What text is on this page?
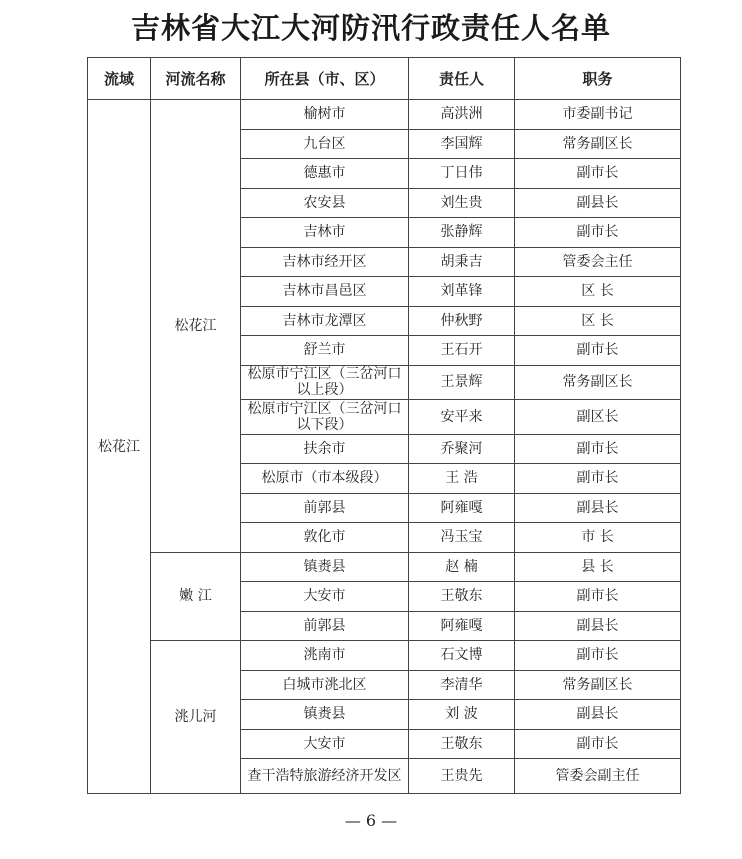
吉林省大江大河防汛行政责任人名单
流域	河流名称	所在县（市、区）	责任人	职务
松花江	松花江	榆树市	高洪洲	市委副书记
		九台区	李国辉	常务副区长
		德惠市	丁日伟	副市长
		农安县	刘生贵	副县长
		吉林市	张静辉	副市长
		吉林市经开区	胡秉吉	管委会主任
		吉林市昌邑区	刘革锋	区 长
		吉林市龙潭区	仲秋野	区 长
		舒兰市	王石开	副市长
		松原市宁江区（三岔河口以上段）	王景辉	常务副区长
		松原市宁江区（三岔河口以下段）	安平来	副区长
		扶余市	乔聚河	副市长
		松原市（市本级段）	王 浩	副市长
		前郭县	阿雍嘎	副县长
		敦化市	冯玉宝	市 长
	嫩 江	镇赉县	赵 楠	县 长
		大安市	王敬东	副市长
		前郭县	阿雍嘎	副县长
	洮儿河	洮南市	石文博	副市长
		白城市洮北区	李清华	常务副区长
		镇赉县	刘 波	副县长
		大安市	王敬东	副市长
		查干浩特旅游经济开发区	王贵先	管委会副主任
— 6 —
